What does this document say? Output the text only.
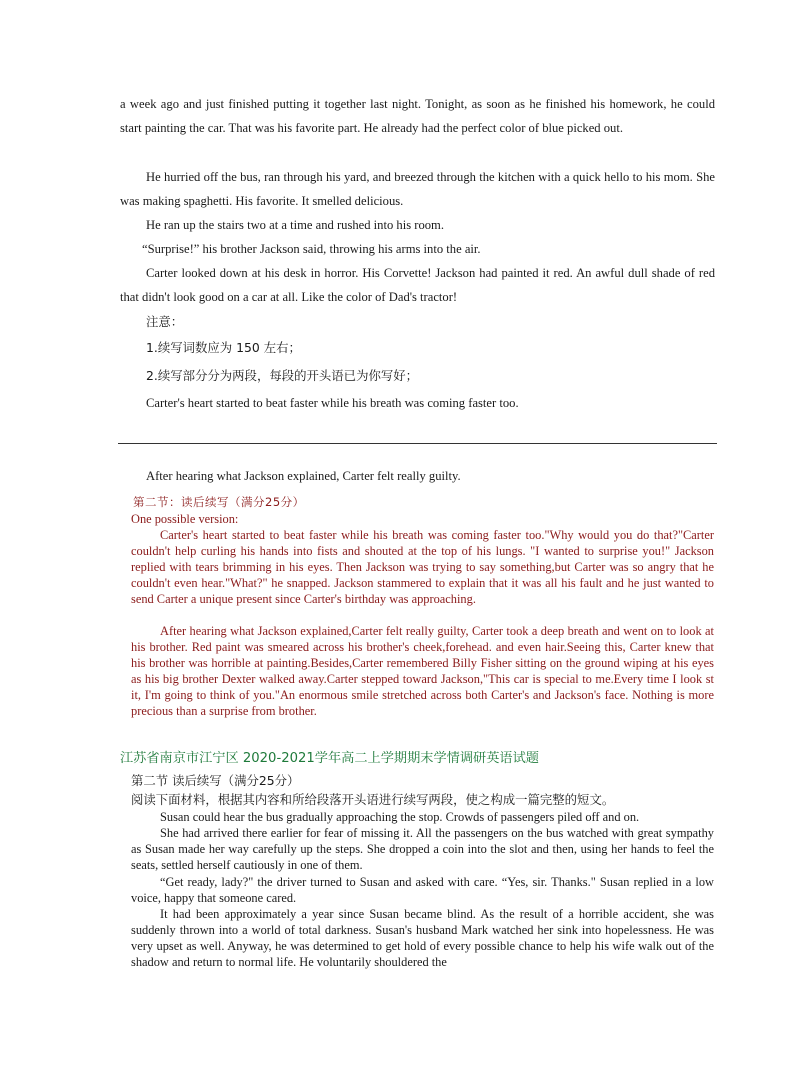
a week ago and just finished putting it together last night. Tonight, as soon as he finished his homework, he could start painting the car. That was his favorite part. He already had the perfect color of blue picked out.

He hurried off the bus, ran through his yard, and breezed through the kitchen with a quick hello to his mom. She was making spaghetti. His favorite. It smelled delicious.

He ran up the stairs two at a time and rushed into his room.

“Surprise!” his brother Jackson said, throwing his arms into the air.

Carter looked down at his desk in horror. His Corvette! Jackson had painted it red. An awful dull shade of red that didn't look good on a car at all. Like the color of Dad's tractor!

注意：

1.续写词数应为 150 左右；

2.续写部分分为两段，每段的开头语已为你写好；

Carter's heart started to beat faster while his breath was coming faster too.

After hearing what Jackson explained, Carter felt really guilty.

第二节：读后续写（满分25分）

One possible version:

Carter's heart started to beat faster while his breath was coming faster too."Why would you do that?"Carter couldn't help curling his hands into fists and shouted at the top of his lungs. "I wanted to surprise you!" Jackson replied with tears brimming in his eyes. Then Jackson was trying to say something,but Carter was so angry that he couldn't even hear."What?" he snapped. Jackson stammered to explain that it was all his fault and he just wanted to send Carter a unique present since Carter's birthday was approaching.

After hearing what Jackson explained,Carter felt really guilty, Carter took a deep breath and went on to look at his brother. Red paint was smeared across his brother's cheek,forehead. and even hair.Seeing this, Carter knew that his brother was horrible at painting.Besides,Carter remembered Billy Fisher sitting on the ground wiping at his eyes as his big brother Dexter walked away.Carter stepped toward Jackson,"This car is special to me.Every time I look st it, I'm going to think of you."An enormous smile stretched across both Carter's and Jackson's face. Nothing is more precious than a surprise from brother.

江苏省南京市江宁区 2020-2021学年高二上学期期末学情调研英语试题

第二节 读后续写（满分25分）

阅读下面材料，根据其内容和所给段落开头语进行续写两段，使之构成一篇完整的短文。

Susan could hear the bus gradually approaching the stop. Crowds of passengers piled off and on.

She had arrived there earlier for fear of missing it. All the passengers on the bus watched with great sympathy as Susan made her way carefully up the steps. She dropped a coin into the slot and then, using her hands to feel the seats, settled herself cautiously in one of them.

“Get ready, lady?" the driver turned to Susan and asked with care. “Yes, sir. Thanks." Susan replied in a low voice, happy that someone cared.

It had been approximately a year since Susan became blind. As the result of a horrible accident, she was suddenly thrown into a world of total darkness. Susan's husband Mark watched her sink into hopelessness. He was very upset as well. Anyway, he was determined to get hold of every possible chance to help his wife walk out of the shadow and return to normal life. He voluntarily shouldered the
